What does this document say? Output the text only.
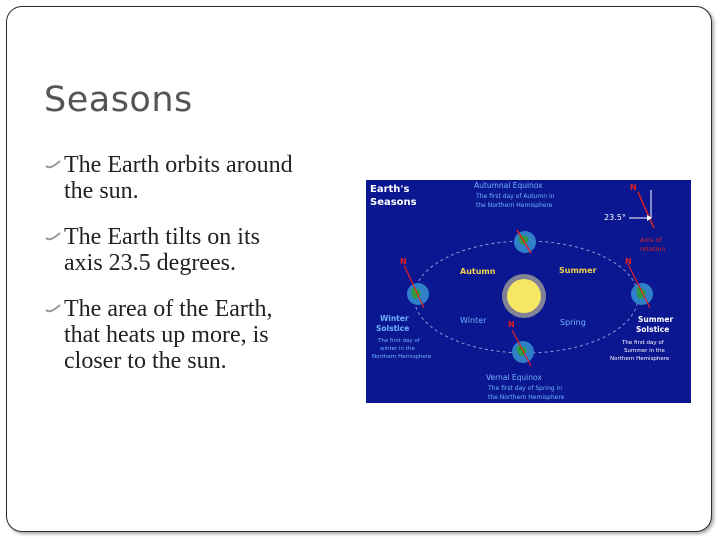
Seasons
The Earth orbits around
the sun.
The Earth tilts on its
axis 23.5 degrees.
The area of the Earth,
that heats up more, is
closer to the sun.
N
N	N
N
Earth's
Seasons
Autumnal Equinox
The first day of Autumn in
the Northern Hemisphere
23.5°
Axis of
rotation
Autumn	Summer
Winter	Spring
Winter
Solstice
The first day of
winter in the
Northern Hemisphere
Summer
Solstice
The first day of
Summer in the
Northern Hemisphere
Vernal Equinox
The first day of Spring in
the Northern Hemisphere
